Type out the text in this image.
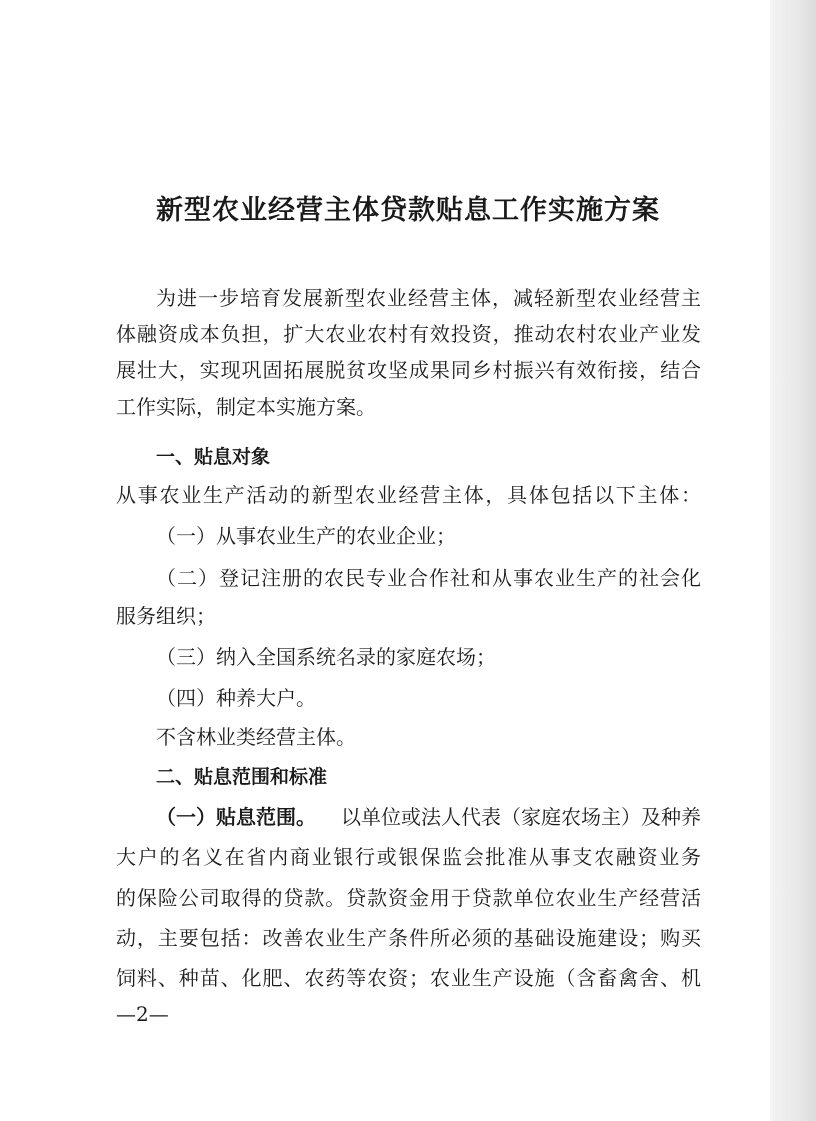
新型农业经营主体贷款贴息工作实施方案
为进一步培育发展新型农业经营主体，减轻新型农业经营主
体融资成本负担，扩大农业农村有效投资，推动农村农业产业发
展壮大，实现巩固拓展脱贫攻坚成果同乡村振兴有效衔接，结合
工作实际，制定本实施方案。
一、贴息对象
从事农业生产活动的新型农业经营主体，具体包括以下主体：
（一）从事农业生产的农业企业；
（二）登记注册的农民专业合作社和从事农业生产的社会化
服务组织；
（三）纳入全国系统名录的家庭农场；
（四）种养大户。
不含林业类经营主体。
二、贴息范围和标准
（一）贴息范围。 以单位或法人代表（家庭农场主）及种养
大户的名义在省内商业银行或银保监会批准从事支农融资业务
的保险公司取得的贷款。贷款资金用于贷款单位农业生产经营活
动，主要包括：改善农业生产条件所必须的基础设施建设；购买
饲料、种苗、化肥、农药等农资；农业生产设施（含畜禽舍、机
—2—
